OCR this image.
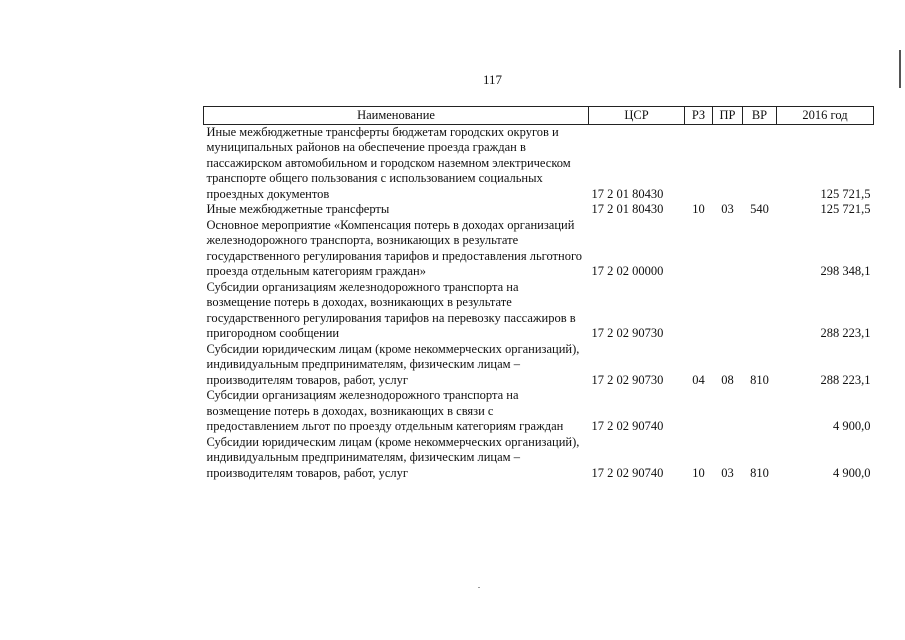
117
Наименование	ЦСР	РЗ	ПР	ВР	2016 год
Иные межбюджетные трансферты бюджетам городских округов и муниципальных районов на обеспечение проезда граждан в пассажирском автомобильном и городском наземном электрическом транспорте общего пользования с использованием социальных проездных документов	17 2 01 80430				125 721,5
Иные межбюджетные трансферты	17 2 01 80430	10	03	540	125 721,5
Основное мероприятие «Компенсация потерь в доходах организаций железнодорожного транспорта, возникающих в результате государственного регулирования тарифов и предоставления льготного проезда отдельным категориям граждан»	17 2 02 00000				298 348,1
Субсидии организациям железнодорожного транспорта на возмещение потерь в доходах, возникающих в результате государственного регулирования тарифов на перевозку пассажиров в пригородном сообщении	17 2 02 90730				288 223,1
Субсидии юридическим лицам (кроме некоммерческих организаций), индивидуальным предпринимателям, физическим лицам – производителям товаров, работ, услуг	17 2 02 90730	04	08	810	288 223,1
Субсидии организациям железнодорожного транспорта на возмещение потерь в доходах, возникающих в связи с предоставлением льгот по проезду отдельным категориям граждан	17 2 02 90740				4 900,0
Субсидии юридическим лицам (кроме некоммерческих организаций), индивидуальным предпринимателям, физическим лицам – производителям товаров, работ, услуг	17 2 02 90740	10	03	810	4 900,0
